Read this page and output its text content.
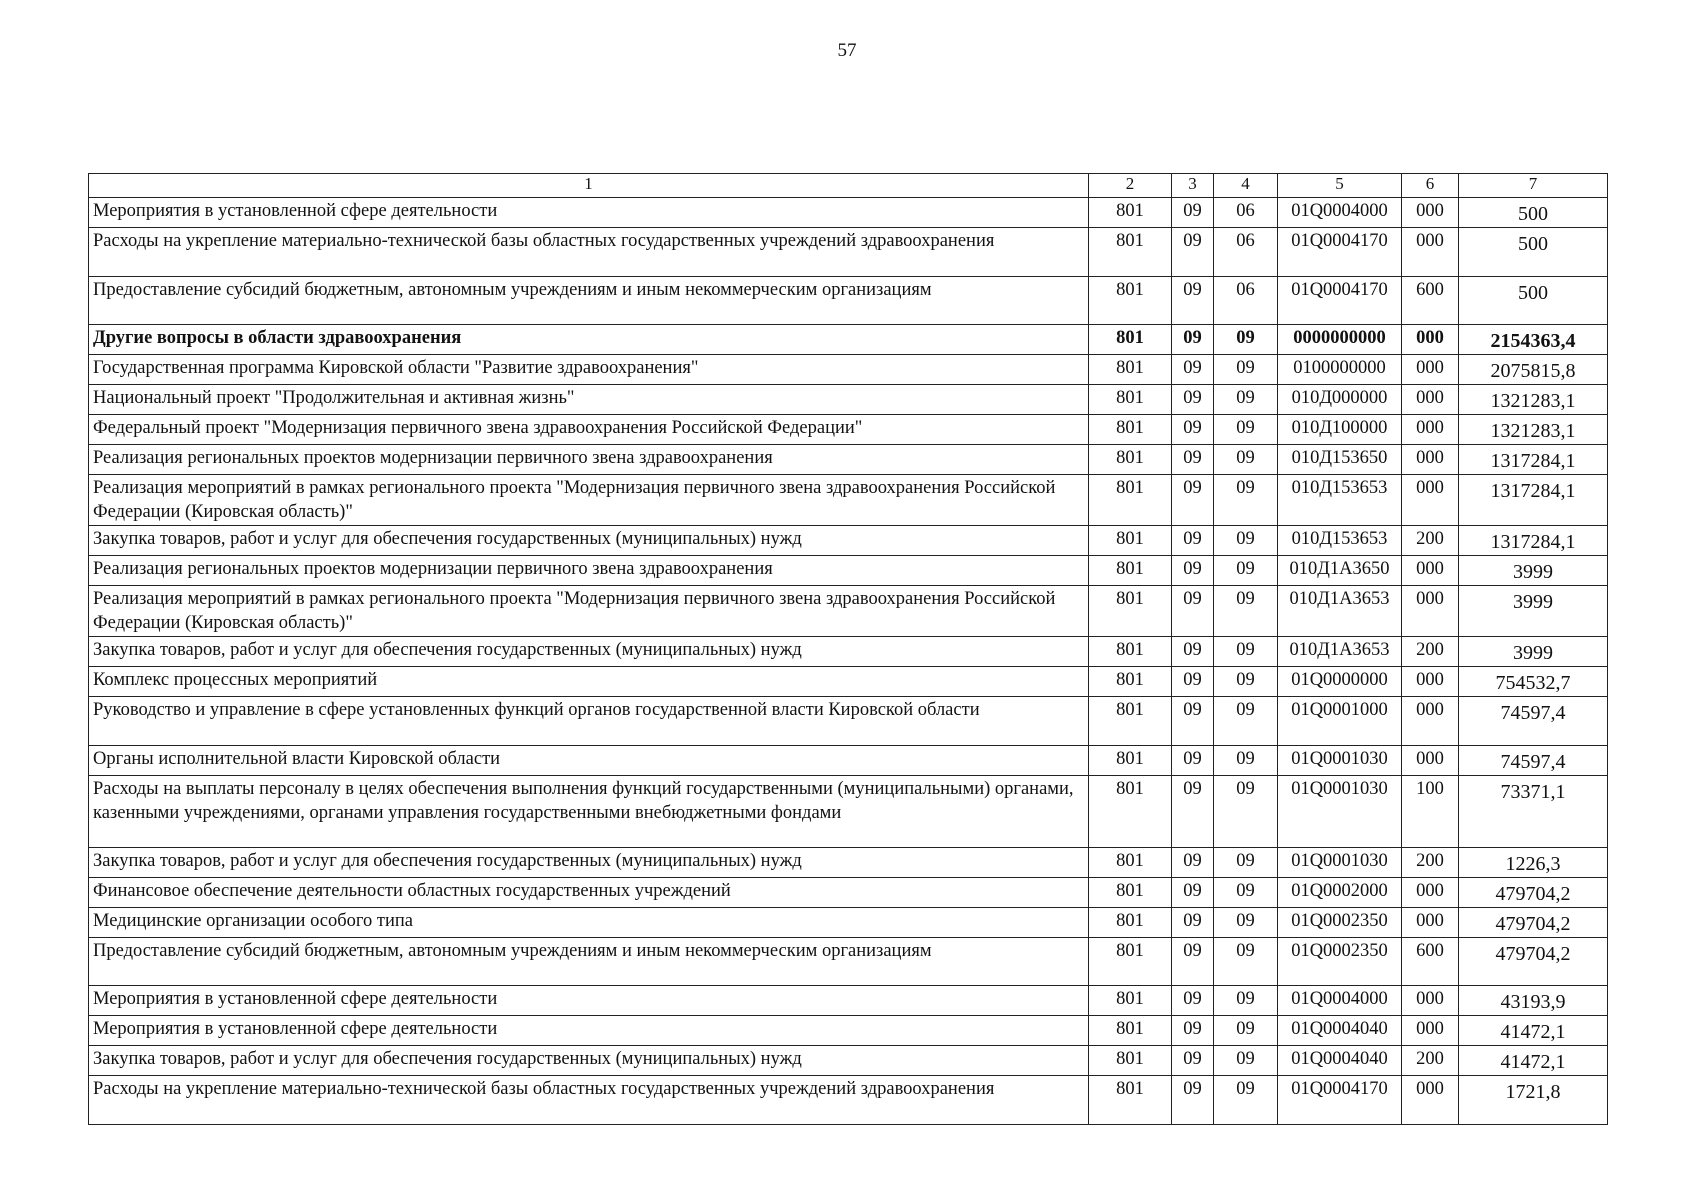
57
1	2	3	4	5	6	7
Мероприятия в установленной сфере деятельности	801	09	06	01Q0004000	000	500
Расходы на укрепление материально-технической базы областных государственных учреждений здравоохранения	801	09	06	01Q0004170	000	500
Предоставление субсидий бюджетным, автономным учреждениям и иным некоммерческим организациям	801	09	06	01Q0004170	600	500
Другие вопросы в области здравоохранения	801	09	09	0000000000	000	2154363,4
Государственная программа Кировской области "Развитие здравоохранения"	801	09	09	0100000000	000	2075815,8
Национальный проект "Продолжительная и активная жизнь"	801	09	09	010Д000000	000	1321283,1
Федеральный проект "Модернизация первичного звена здравоохранения Российской Федерации"	801	09	09	010Д100000	000	1321283,1
Реализация региональных проектов модернизации первичного звена здравоохранения	801	09	09	010Д153650	000	1317284,1
Реализация мероприятий в рамках регионального проекта "Модернизация первичного звена здравоохранения Российской Федерации (Кировская область)"	801	09	09	010Д153653	000	1317284,1
Закупка товаров, работ и услуг для обеспечения государственных (муниципальных) нужд	801	09	09	010Д153653	200	1317284,1
Реализация региональных проектов модернизации первичного звена здравоохранения	801	09	09	010Д1А3650	000	3999
Реализация мероприятий в рамках регионального проекта "Модернизация первичного звена здравоохранения Российской Федерации (Кировская область)"	801	09	09	010Д1А3653	000	3999
Закупка товаров, работ и услуг для обеспечения государственных (муниципальных) нужд	801	09	09	010Д1А3653	200	3999
Комплекс процессных мероприятий	801	09	09	01Q0000000	000	754532,7
Руководство и управление в сфере установленных функций органов государственной власти Кировской области	801	09	09	01Q0001000	000	74597,4
Органы исполнительной власти Кировской области	801	09	09	01Q0001030	000	74597,4
Расходы на выплаты персоналу в целях обеспечения выполнения функций государственными (муниципальными) органами, казенными учреждениями, органами управления государственными внебюджетными фондами	801	09	09	01Q0001030	100	73371,1
Закупка товаров, работ и услуг для обеспечения государственных (муниципальных) нужд	801	09	09	01Q0001030	200	1226,3
Финансовое обеспечение деятельности областных государственных учреждений	801	09	09	01Q0002000	000	479704,2
Медицинские организации особого типа	801	09	09	01Q0002350	000	479704,2
Предоставление субсидий бюджетным, автономным учреждениям и иным некоммерческим организациям	801	09	09	01Q0002350	600	479704,2
Мероприятия в установленной сфере деятельности	801	09	09	01Q0004000	000	43193,9
Мероприятия в установленной сфере деятельности	801	09	09	01Q0004040	000	41472,1
Закупка товаров, работ и услуг для обеспечения государственных (муниципальных) нужд	801	09	09	01Q0004040	200	41472,1
Расходы на укрепление материально-технической базы областных государственных учреждений здравоохранения	801	09	09	01Q0004170	000	1721,8
